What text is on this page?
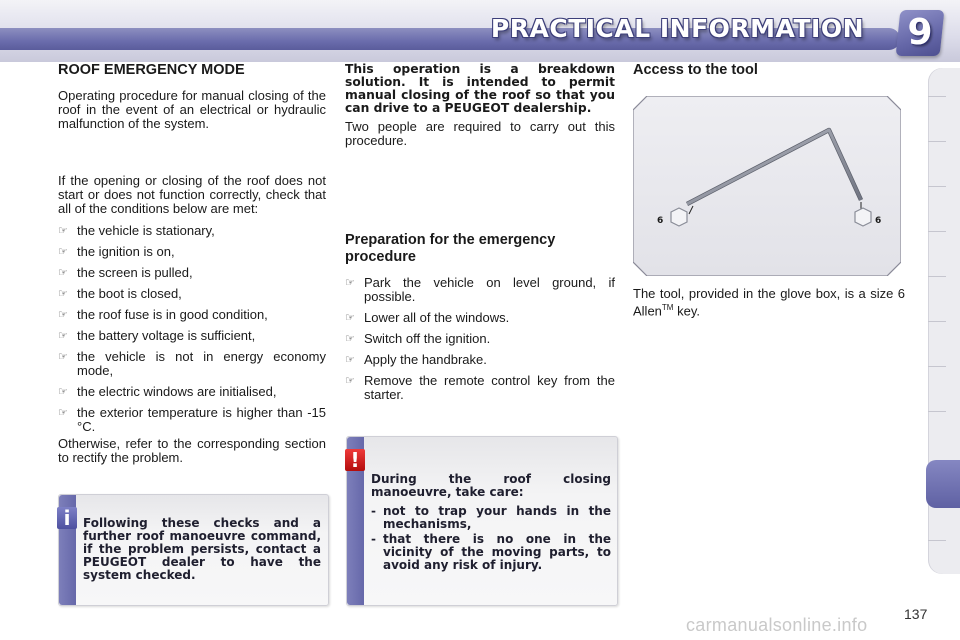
PRACTICAL INFORMATION 9
ROOF EMERGENCY MODE

Operating procedure for manual closing of the roof in the event of an electrical or hydraulic malfunction of the system.

If the opening or closing of the roof does not start or does not function correctly, check that all of the conditions below are met:

☞ the vehicle is stationary,
☞ the ignition is on,
☞ the screen is pulled,
☞ the boot is closed,
☞ the roof fuse is in good condition,
☞ the battery voltage is sufficient,
☞ the vehicle is not in energy economy mode,
☞ the electric windows are initialised,
☞ the exterior temperature is higher than -15 °C.

Otherwise, refer to the corresponding section to rectify the problem.

i	Following these checks and a further roof manoeuvre command, if the problem persists, contact a PEUGEOT dealer to have the system checked.

This operation is a breakdown solution. It is intended to permit manual closing of the roof so that you can drive to a PEUGEOT dealership.

Two people are required to carry out this procedure.

Preparation for the emergency procedure
☞ Park the vehicle on level ground, if possible.
☞ Lower all of the windows.
☞ Switch off the ignition.
☞ Apply the handbrake.
☞ Remove the remote control key from the starter.
!
During the roof closing manoeuvre, take care:
- not to trap your hands in the mechanisms,
- that there is no one in the vicinity of the moving parts, to avoid any risk of injury.
Access to the tool
6	6

The tool, provided in the glove box, is a size 6 Allen™ key.

137
carmanualsonline.info
